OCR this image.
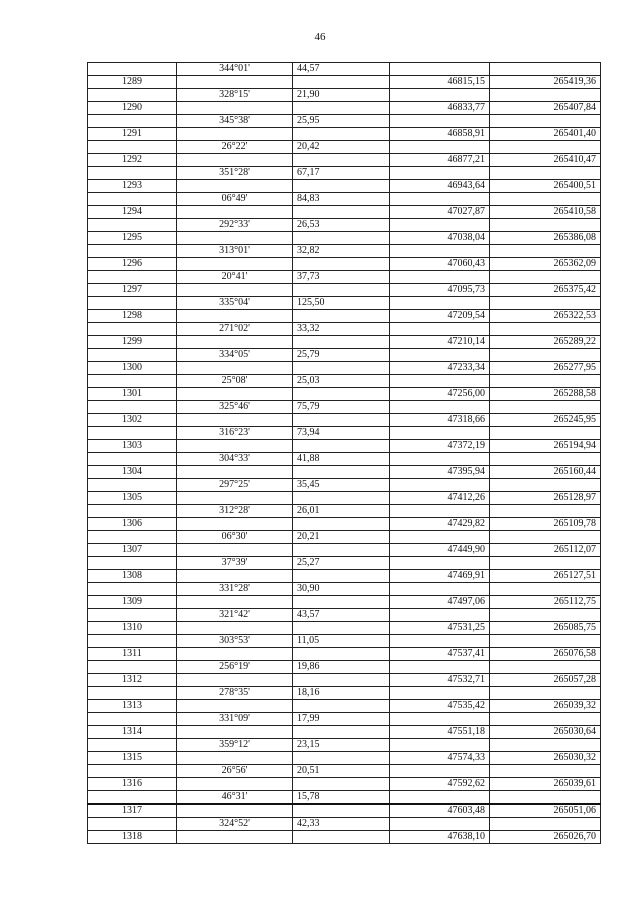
46
	344°01'	44,57		
1289			46815,15	265419,36
	328°15'	21,90		
1290			46833,77	265407,84
	345°38'	25,95		
1291			46858,91	265401,40
	26°22'	20,42		
1292			46877,21	265410,47
	351°28'	67,17		
1293			46943,64	265400,51
	06°49'	84,83		
1294			47027,87	265410,58
	292°33'	26,53		
1295			47038,04	265386,08
	313°01'	32,82		
1296			47060,43	265362,09
	20°41'	37,73		
1297			47095,73	265375,42
	335°04'	125,50		
1298			47209,54	265322,53
	271°02'	33,32		
1299			47210,14	265289,22
	334°05'	25,79		
1300			47233,34	265277,95
	25°08'	25,03		
1301			47256,00	265288,58
	325°46'	75,79		
1302			47318,66	265245,95
	316°23'	73,94		
1303			47372,19	265194,94
	304°33'	41,88		
1304			47395,94	265160,44
	297°25'	35,45		
1305			47412,26	265128,97
	312°28'	26,01		
1306			47429,82	265109,78
	06°30'	20,21		
1307			47449,90	265112,07
	37°39'	25,27		
1308			47469,91	265127,51
	331°28'	30,90		
1309			47497,06	265112,75
	321°42'	43,57		
1310			47531,25	265085,75
	303°53'	11,05		
1311			47537,41	265076,58
	256°19'	19,86		
1312			47532,71	265057,28
	278°35'	18,16		
1313			47535,42	265039,32
	331°09'	17,99		
1314			47551,18	265030,64
	359°12'	23,15		
1315			47574,33	265030,32
	26°56'	20,51		
1316			47592,62	265039,61
	46°31'	15,78		
1317			47603,48	265051,06
	324°52'	42,33		
1318			47638,10	265026,70
